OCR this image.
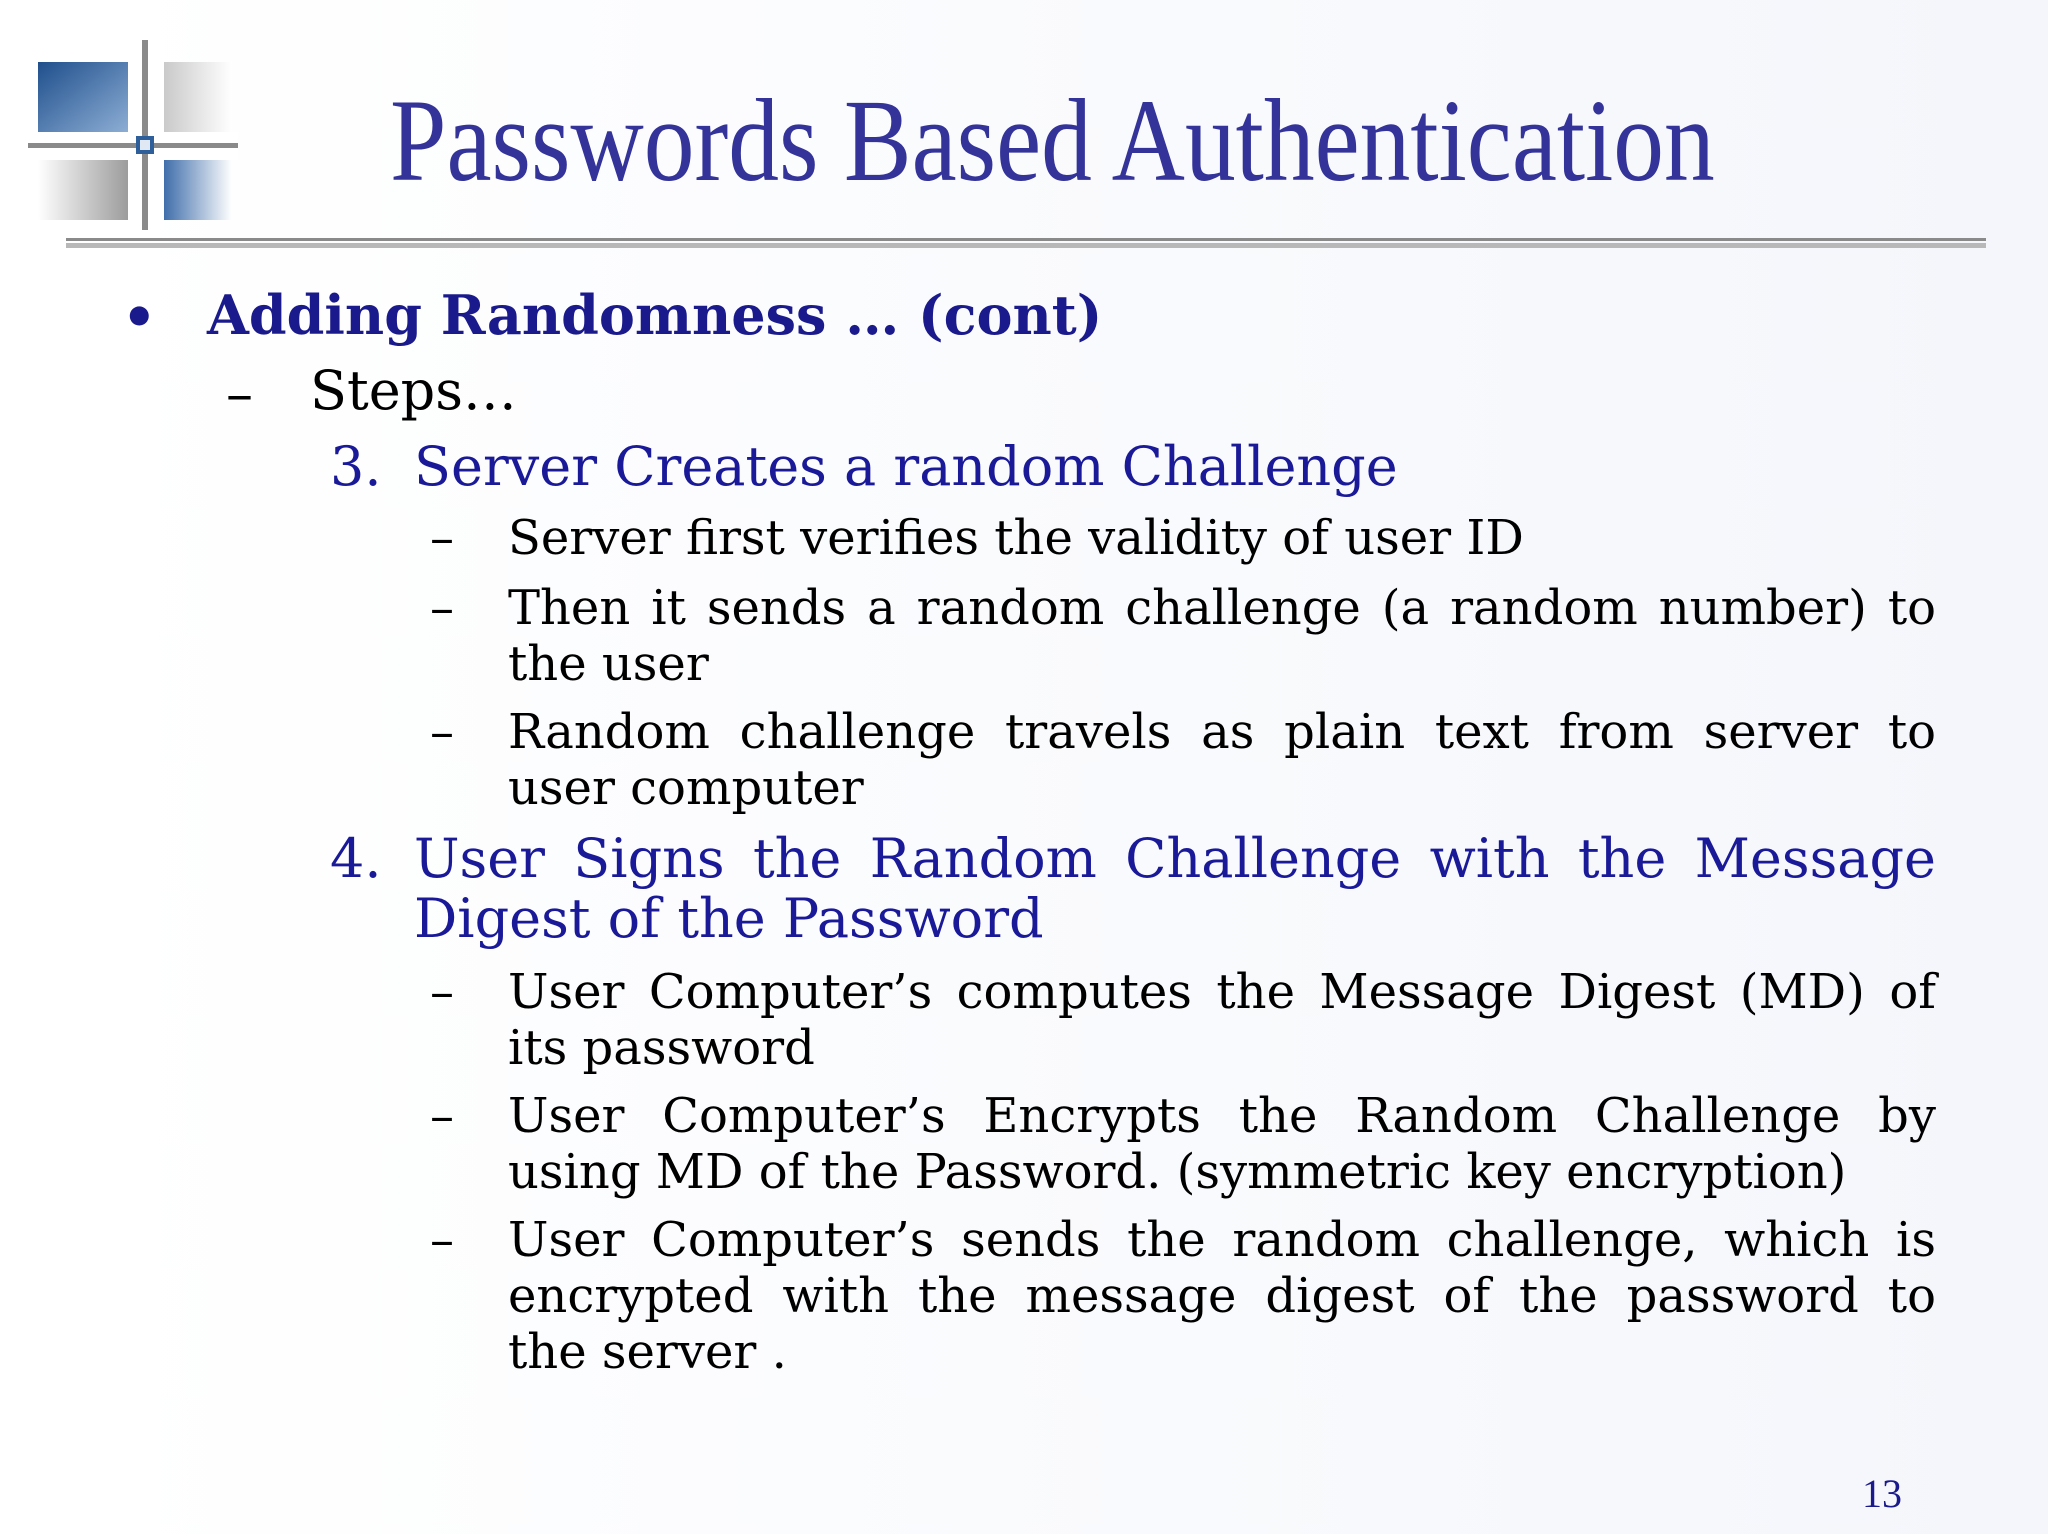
Passwords Based Authentication
• Adding Randomness … (cont)
– Steps…
3. Server Creates a random Challenge
– Server first verifies the validity of user ID
– Then it sends a random challenge (a random number) to
the user
– Random challenge travels as plain text from server to
user computer
4. User Signs the Random Challenge with the Message
Digest of the Password
– User Computer’s computes the Message Digest (MD) of
its password
– User Computer’s Encrypts the Random Challenge by
using MD of the Password. (symmetric key encryption)
– User Computer’s sends the random challenge, which is
encrypted with the message digest of the password to
the server .
13
